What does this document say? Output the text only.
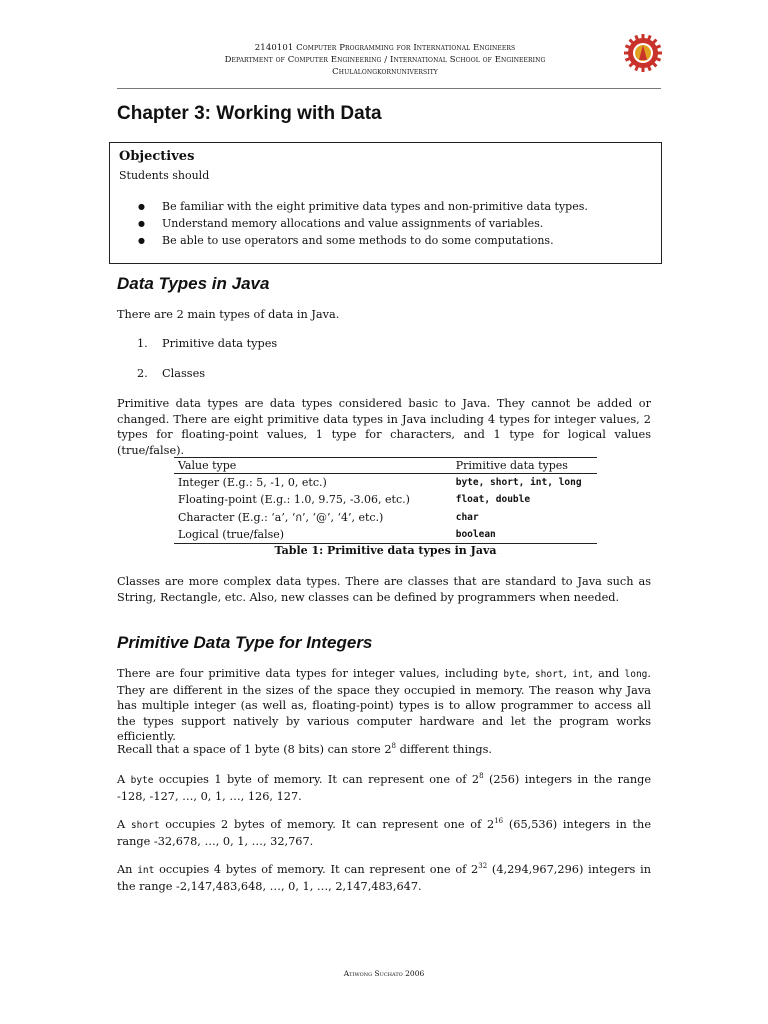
2140101 Computer Programming for International Engineers
Department of Computer Engineering / International School of Engineering
Chulalongkornuniversity
Chapter 3: Working with Data
Objectives
Students should
● Be familiar with the eight primitive data types and non-primitive data types.
● Understand memory allocations and value assignments of variables.
● Be able to use operators and some methods to do some computations.
Data Types in Java

There are 2 main types of data in Java.

1. Primitive data types
2. Classes

Primitive data types are data types considered basic to Java. They cannot be added or changed. There are eight primitive data types in Java including 4 types for integer values, 2 types for floating-point values, 1 type for characters, and 1 type for logical values (true/false).

Value type	Primitive data types
Integer (E.g.: 5, -1, 0, etc.)	byte, short, int, long
Floating-point (E.g.: 1.0, 9.75, -3.06, etc.)	float, double
Character (E.g.: ‘a’, ‘ก’, ‘@’, ‘4’, etc.)	char
Logical (true/false)	boolean
Table 1: Primitive data types in Java

Classes are more complex data types. There are classes that are standard to Java such as String, Rectangle, etc. Also, new classes can be defined by programmers when needed.

Primitive Data Type for Integers

There are four primitive data types for integer values, including byte, short, int, and long. They are different in the sizes of the space they occupied in memory. The reason why Java has multiple integer (as well as, floating-point) types is to allow programmer to access all the types support natively by various computer hardware and let the program works efficiently.

Recall that a space of 1 byte (8 bits) can store $2^8$ different things.

A byte occupies 1 byte of memory. It can represent one of $2^8$ (256) integers in the range -128, -127, …, 0, 1, …, 126, 127.

A short occupies 2 bytes of memory. It can represent one of $2^{16}$ (65,536) integers in the range -32,678, …, 0, 1, …, 32,767.

An int occupies 4 bytes of memory. It can represent one of $2^{32}$ (4,294,967,296) integers in the range -2,147,483,648, …, 0, 1, …, 2,147,483,647.

Atiwong Suchato 2006
